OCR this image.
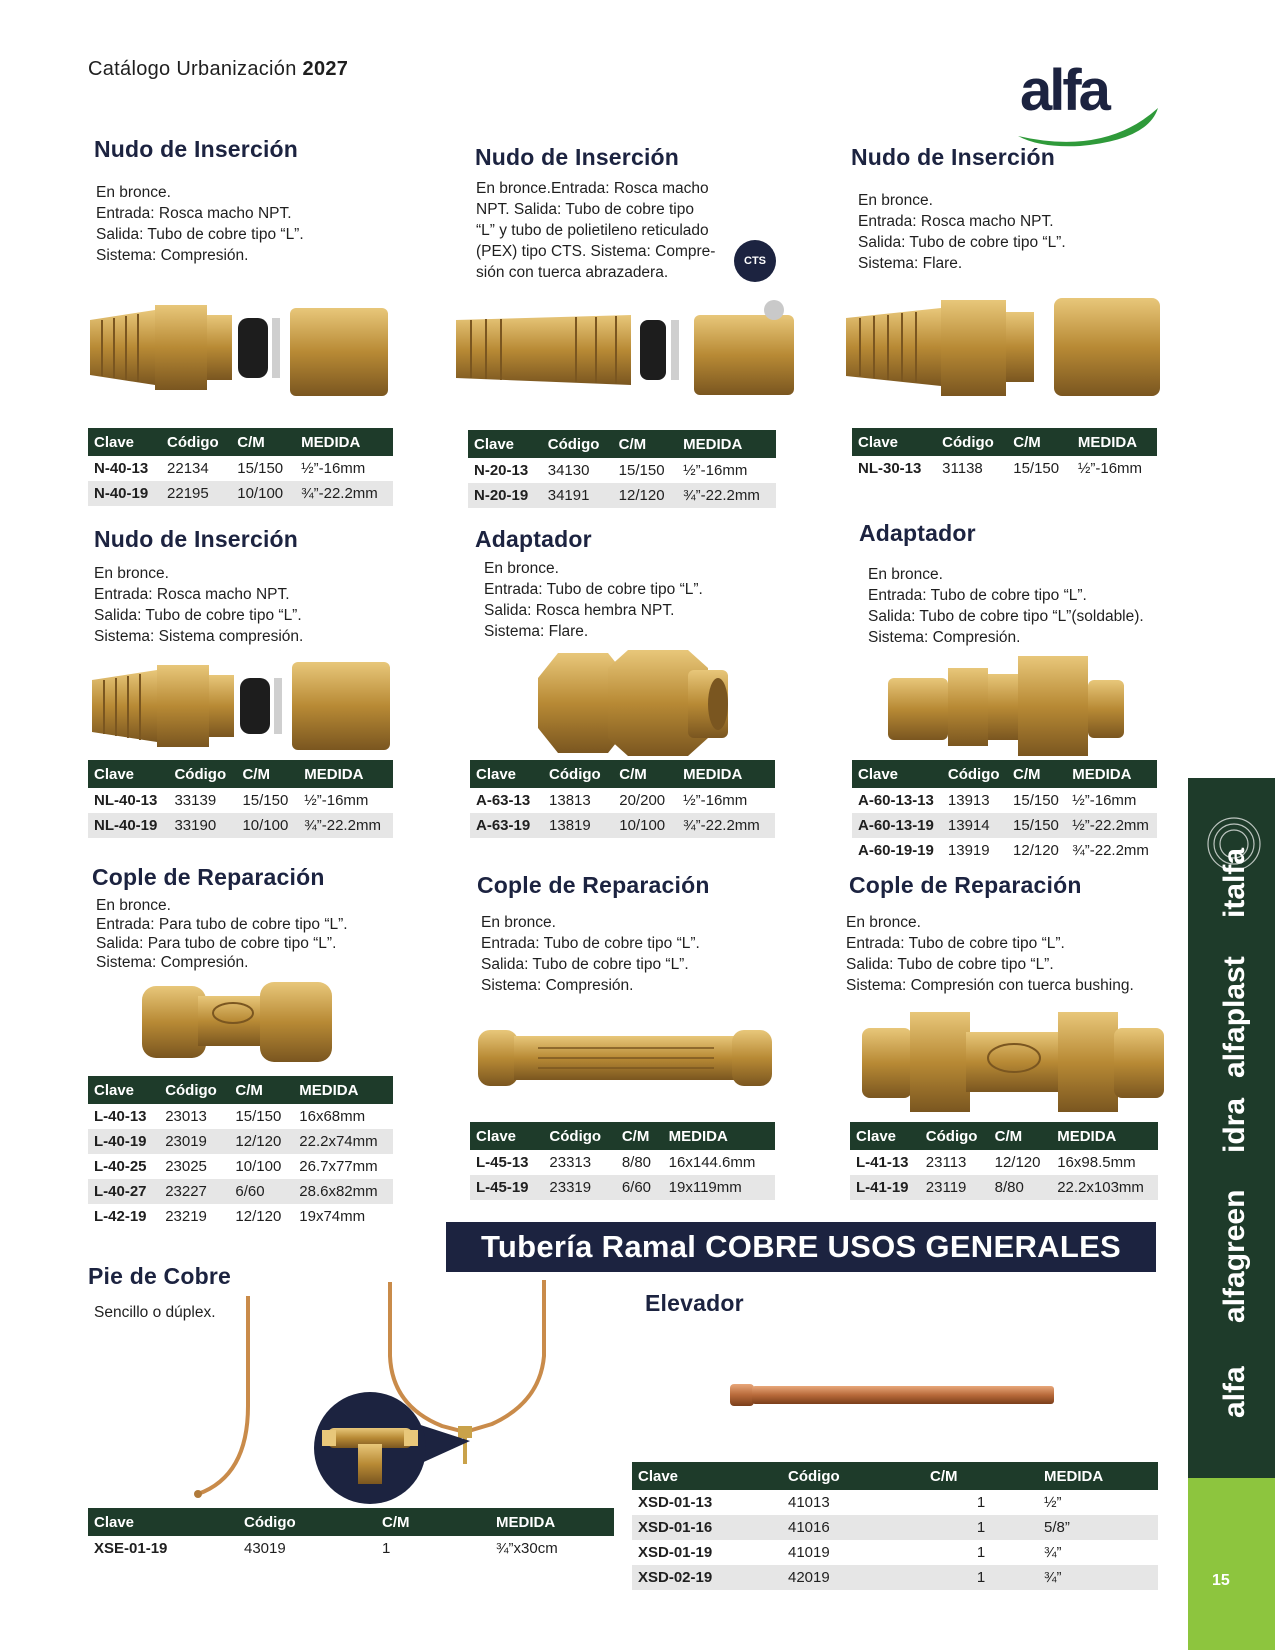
Catálogo Urbanización 2027	alfa
Nudo de Inserción
En bronce.
Entrada: Rosca macho NPT.
Salida: Tubo de cobre tipo “L”.
Sistema: Compresión.
Clave	Código	C/M	MEDIDA
N-40-13	22134	15/150	½”-16mm
N-40-19	22195	10/100	¾”-22.2mm
Nudo de Inserción
En bronce.Entrada: Rosca macho
NPT. Salida: Tubo de cobre tipo
“L” y tubo de polietileno reticulado
(PEX) tipo CTS. Sistema: Compre-
sión con tuerca abrazadera.
CTS
Clave	Código	C/M	MEDIDA
N-20-13	34130	15/150	½”-16mm
N-20-19	34191	12/120	¾”-22.2mm
Nudo de Inserción
En bronce.
Entrada: Rosca macho NPT.
Salida: Tubo de cobre tipo “L”.
Sistema: Flare.
Clave	Código	C/M	MEDIDA
NL-30-13	31138	15/150	½”-16mm
Nudo de Inserción
En bronce.
Entrada: Rosca macho NPT.
Salida: Tubo de cobre tipo “L”.
Sistema: Sistema compresión.
Clave	Código	C/M	MEDIDA
NL-40-13	33139	15/150	½”-16mm
NL-40-19	33190	10/100	¾”-22.2mm
Adaptador
En bronce.
Entrada: Tubo de cobre tipo “L”.
Salida: Rosca hembra NPT.
Sistema: Flare.
Clave	Código	C/M	MEDIDA
A-63-13	13813	20/200	½”-16mm
A-63-19	13819	10/100	¾”-22.2mm
Adaptador
En bronce.
Entrada: Tubo de cobre tipo “L”.
Salida: Tubo de cobre tipo “L”(soldable).
Sistema: Compresión.
Clave	Código	C/M	MEDIDA
A-60-13-13	13913	15/150	½”-16mm
A-60-13-19	13914	15/150	½”-22.2mm
A-60-19-19	13919	12/120	¾”-22.2mm
Cople de Reparación
En bronce.
Entrada: Para tubo de cobre tipo “L”.
Salida: Para tubo de cobre tipo “L”.
Sistema: Compresión.
Clave	Código	C/M	MEDIDA
L-40-13	23013	15/150	16x68mm
L-40-19	23019	12/120	22.2x74mm
L-40-25	23025	10/100	26.7x77mm
L-40-27	23227	6/60	28.6x82mm
L-42-19	23219	12/120	19x74mm
Cople de Reparación
En bronce.
Entrada: Tubo de cobre tipo “L”.
Salida: Tubo de cobre tipo “L”.
Sistema: Compresión.
Clave	Código	C/M	MEDIDA
L-45-13	23313	8/80	16x144.6mm
L-45-19	23319	6/60	19x119mm
Cople de Reparación
En bronce.
Entrada: Tubo de cobre tipo “L”.
Salida: Tubo de cobre tipo “L”.
Sistema: Compresión con tuerca bushing.
Clave	Código	C/M	MEDIDA
L-41-13	23113	12/120	16x98.5mm
L-41-19	23119	8/80	22.2x103mm
Tubería Ramal COBRE USOS GENERALES
Pie de Cobre
Sencillo o dúplex.
Clave	Código	C/M	MEDIDA
XSE-01-19	43019	1	¾”x30cm
Elevador
Clave	Código	C/M	MEDIDA
XSD-01-13	41013	1	½”
XSD-01-16	41016	1	5/8”
XSD-01-19	41019	1	¾”
XSD-02-19	42019	1	¾”
alfa
alfagreen
idra
alfaplast
italfa
15
